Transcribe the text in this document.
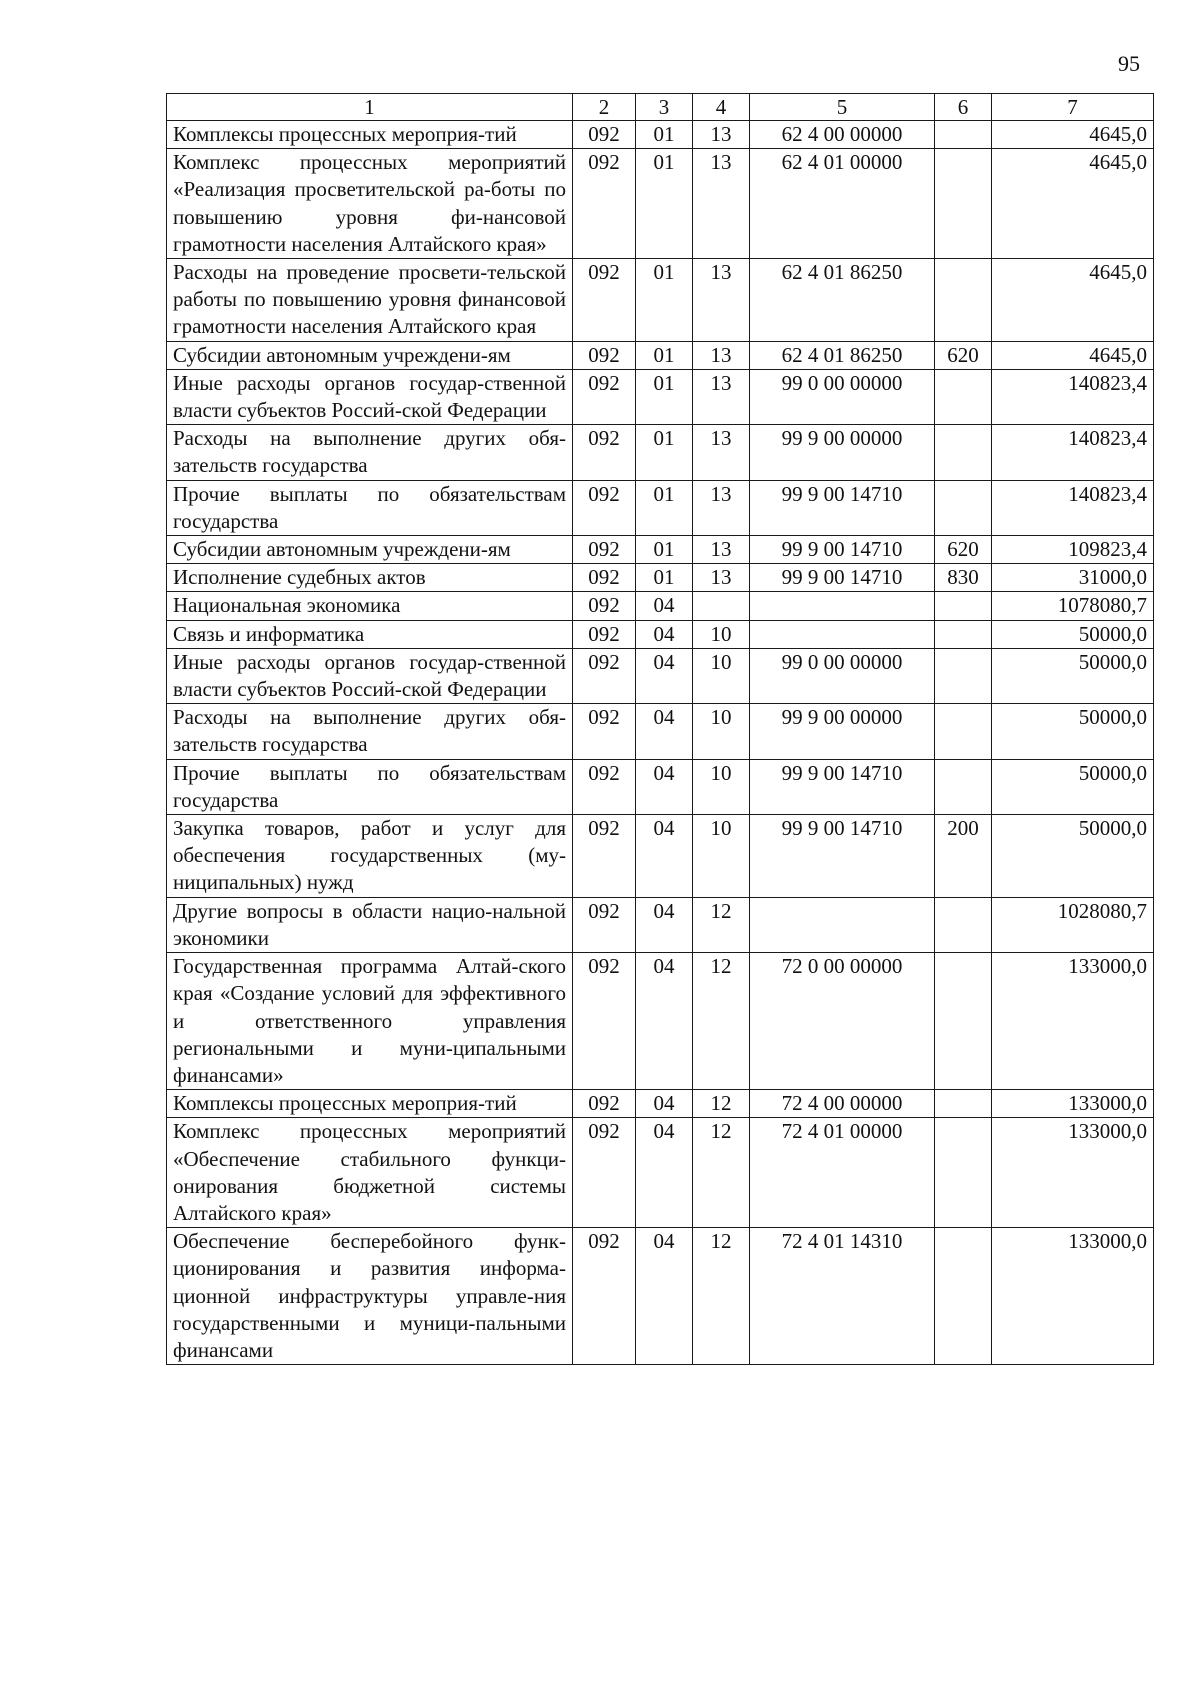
95
1	2	3	4	5	6	7
Комплексы процессных мероприя-тий	092	01	13	62 4 00 00000		4645,0
Комплекс процессных мероприятий «Реализация просветительской ра-боты по повышению уровня фи-нансовой грамотности населения Алтайского края»	092	01	13	62 4 01 00000		4645,0
Расходы на проведение просвети-тельской работы по повышению уровня финансовой грамотности населения Алтайского края	092	01	13	62 4 01 86250		4645,0
Субсидии автономным учреждени-ям	092	01	13	62 4 01 86250	620	4645,0
Иные расходы органов государ-ственной власти субъектов Россий-ской Федерации	092	01	13	99 0 00 00000		140823,4
Расходы на выполнение других обя-зательств государства	092	01	13	99 9 00 00000		140823,4
Прочие выплаты по обязательствам государства	092	01	13	99 9 00 14710		140823,4
Субсидии автономным учреждени-ям	092	01	13	99 9 00 14710	620	109823,4
Исполнение судебных актов	092	01	13	99 9 00 14710	830	31000,0
Национальная экономика	092	04				1078080,7
Связь и информатика	092	04	10			50000,0
Иные расходы органов государ-ственной власти субъектов Россий-ской Федерации	092	04	10	99 0 00 00000		50000,0
Расходы на выполнение других обя-зательств государства	092	04	10	99 9 00 00000		50000,0
Прочие выплаты по обязательствам государства	092	04	10	99 9 00 14710		50000,0
Закупка товаров, работ и услуг для обеспечения государственных (му-ниципальных) нужд	092	04	10	99 9 00 14710	200	50000,0
Другие вопросы в области нацио-нальной экономики	092	04	12			1028080,7
Государственная программа Алтай-ского края «Создание условий для эффективного и ответственного управления региональными и муни-ципальными финансами»	092	04	12	72 0 00 00000		133000,0
Комплексы процессных мероприя-тий	092	04	12	72 4 00 00000		133000,0
Комплекс процессных мероприятий «Обеспечение стабильного функци-онирования бюджетной системы Алтайского края»	092	04	12	72 4 01 00000		133000,0
Обеспечение бесперебойного функ-ционирования и развития информа-ционной инфраструктуры управле-ния государственными и муници-пальными финансами	092	04	12	72 4 01 14310		133000,0
